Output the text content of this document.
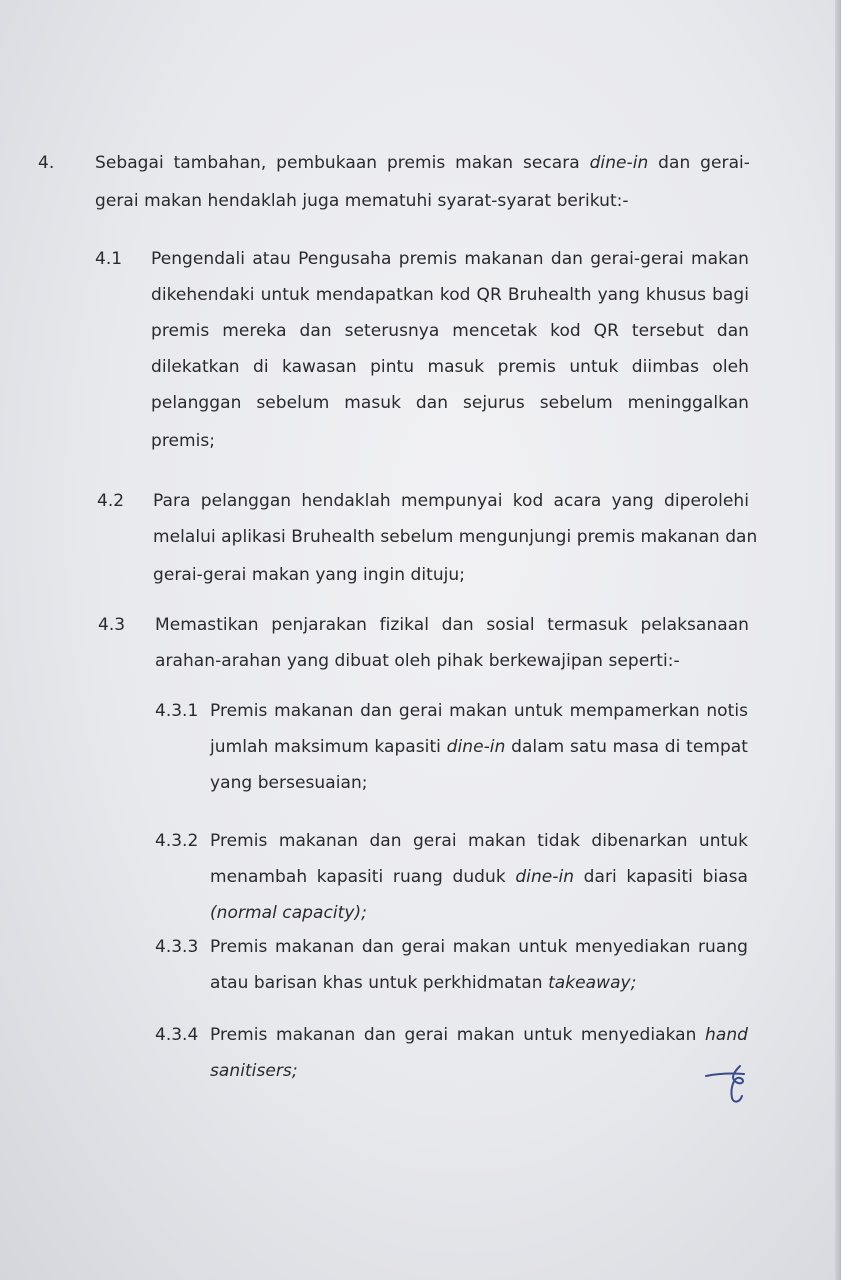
4. Sebagai tambahan, pembukaan premis makan secara dine-in dan gerai-
gerai makan hendaklah juga mematuhi syarat-syarat berikut:-
4.1 Pengendali atau Pengusaha premis makanan dan gerai-gerai makan
dikehendaki untuk mendapatkan kod QR Bruhealth yang khusus bagi
premis mereka dan seterusnya mencetak kod QR tersebut dan
dilekatkan di kawasan pintu masuk premis untuk diimbas oleh
pelanggan sebelum masuk dan sejurus sebelum meninggalkan
premis;
4.2 Para pelanggan hendaklah mempunyai kod acara yang diperolehi
melalui aplikasi Bruhealth sebelum mengunjungi premis makanan dan
gerai-gerai makan yang ingin dituju;
4.3 Memastikan penjarakan fizikal dan sosial termasuk pelaksanaan
arahan-arahan yang dibuat oleh pihak berkewajipan seperti:-
4.3.1 Premis makanan dan gerai makan untuk mempamerkan notis
jumlah maksimum kapasiti dine-in dalam satu masa di tempat
yang bersesuaian;
4.3.2 Premis makanan dan gerai makan tidak dibenarkan untuk
menambah kapasiti ruang duduk dine-in dari kapasiti biasa
(normal capacity);
4.3.3 Premis makanan dan gerai makan untuk menyediakan ruang
atau barisan khas untuk perkhidmatan takeaway;
4.3.4 Premis makanan dan gerai makan untuk menyediakan hand
sanitisers;
